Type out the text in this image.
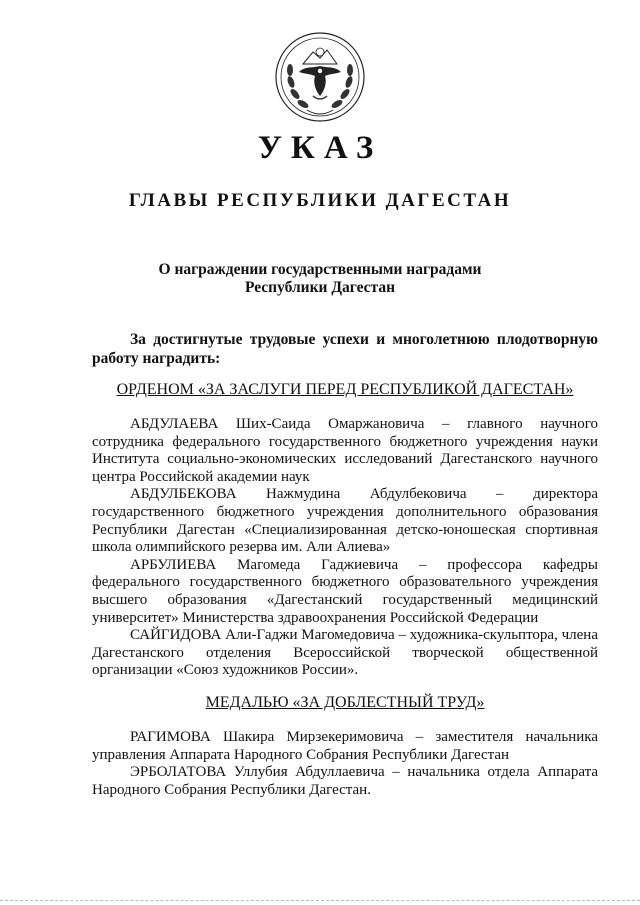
УКАЗ
ГЛАВЫ РЕСПУБЛИКИ ДАГЕСТАН
О награждении государственными наградами
Республики Дагестан
За достигнутые трудовые успехи и многолетнюю плодотворную работу наградить:
ОРДЕНОМ «ЗА ЗАСЛУГИ ПЕРЕД РЕСПУБЛИКОЙ ДАГЕСТАН»

АБДУЛАЕВА Ших-Саида Омаржановича – главного научного сотрудника федерального государственного бюджетного учреждения науки Института социально-экономических исследований Дагестанского научного центра Российской академии наук

АБДУЛБЕКОВА Нажмудина Абдулбековича – директора государственного бюджетного учреждения дополнительного образования Республики Дагестан «Специализированная детско-юношеская спортивная школа олимпийского резерва им. Али Алиева»

АРБУЛИЕВА Магомеда Гаджиевича – профессора кафедры федерального государственного бюджетного образовательного учреждения высшего образования «Дагестанский государственный медицинский университет» Министерства здравоохранения Российской Федерации

САЙГИДОВА Али-Гаджи Магомедовича – художника-скульптора, члена Дагестанского отделения Всероссийской творческой общественной организации «Союз художников России».

МЕДАЛЬЮ «ЗА ДОБЛЕСТНЫЙ ТРУД»

РАГИМОВА Шакира Мирзекеримовича – заместителя начальника управления Аппарата Народного Собрания Республики Дагестан

ЭРБОЛАТОВА Уллубия Абдуллаевича – начальника отдела Аппарата Народного Собрания Республики Дагестан.
